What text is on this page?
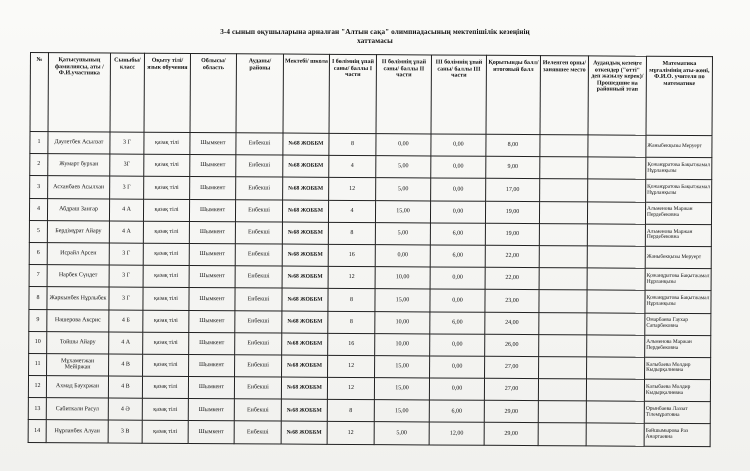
3-4 сынып оқушыларына арналған "Алтын сақа" олимпиадасының мектепішілік кезеңінің
хаттамасы
№	Қатысушының фамилиясы, аты /Ф.И.участника	Сыныбы/класс	Оқыту тілі/язык обучения	Облысы/ область	Ауданы/ районы	Мектебі/ школа	I бөлімнің ұпай саны/ баллы I части	II бөлімнің ұпай саны/ баллы II части	III бөлімнің ұпай саны/ баллы III части	Қорытынды балл/ итоговый балл	Иеленген орны/ занявшее место	Аудандық кезеңге өткендер ("өтті" деп жазылу керек)/ Прошедшие на районный этап	Математика мұғалімінің аты-жөні, Ф.И.О. учителя по математике
1	Даулетбек Асылзат	3 Г	қазақ тілі	Шымкент	Енбекші	№68 ЖОББМ	8	0,00	0,00	8,00			Жаныбекқызы Меруерт
2	Жумарт бурхан	3Г	қазақ тілі	Шымкент	Енбекші	№68 ЖОББМ	4	5,00	0,00	9,00			Қожанұратова Бақытжамал Нұрланқызы
3	Асханбаев Асылхан	3 Г	қазақ тілі	Шымкент	Енбекші	№68 ЖОББМ	12	5,00	0,00	17,00			Қожанұратова Бақытжамал Нұрланқызы
4	Абдраш Зангар	4 А	қазақ тілі	Шымкент	Енбекші	№68 ЖОББМ	4	15,00	0,00	19,00			Альменова Маржан Пердебековна
5	Бердімұрат Айару	4 А	қазақ тілі	Шымкент	Енбекші	№68 ЖОББМ	8	5,00	6,00	19,00			Альменова Маржан Пердебековна
6	Исрайл Арсен	3 Г	қазақ тілі	Шымкент	Енбекші	№68 ЖОББМ	16	0,00	6,00	22,00			Жаныбекқызы Меруерт
7	Нарбек Сүндет	3 Г	қазақ тілі	Шымкент	Енбекші	№68 ЖОББМ	12	10,00	0,00	22,00			Қожанұратова Бақытжамал Нұрланқызы
8	Жаркынбек Нұрлыбек	3 Г	қазақ тілі	Шымкент	Енбекші	№68 ЖОББМ	8	15,00	0,00	23,00			Қожанұратова Бақытжамал Нұрланқызы
9	Нашерова Аксрис	4 Б	қазақ тілі	Шымкент	Енбекші	№68 ЖОББМ	8	10,00	6,00	24,00			Омарбаева Гаухар Сапарбековна
10	Тойшы Айару	4 А	қазақ тілі	Шымкент	Енбекші	№68 ЖОББМ	16	10,00	0,00	26,00			Альменова Маржан Пердебековна
11	Мұхаметжан Мейіржан	4 В	қазақ тілі	Шымкент	Енбекші	№68 ЖОББМ	12	15,00	0,00	27,00			Калыбаева Молдир Кыдырқалиевна
12	Ахмад Баухржан	4 В	қазақ тілі	Шымкент	Енбекші	№68 ЖОББМ	12	15,00	0,00	27,00			Калыбаева Молдир Кыдырқалиевна
13	Сабиткали Расул	4 Ә	қазақ тілі	Шымкент	Енбекші	№68 ЖОББМ	8	15,00	6,00	29,00			Орынбаева Лаззат Тілемұратовна
14	Нұрланбек Алуан	3 В	қазақ тілі	Шымкент	Енбекші	№68 ЖОББМ	12	5,00	12,00	29,00			Байшымырова Раз Анартаевна
